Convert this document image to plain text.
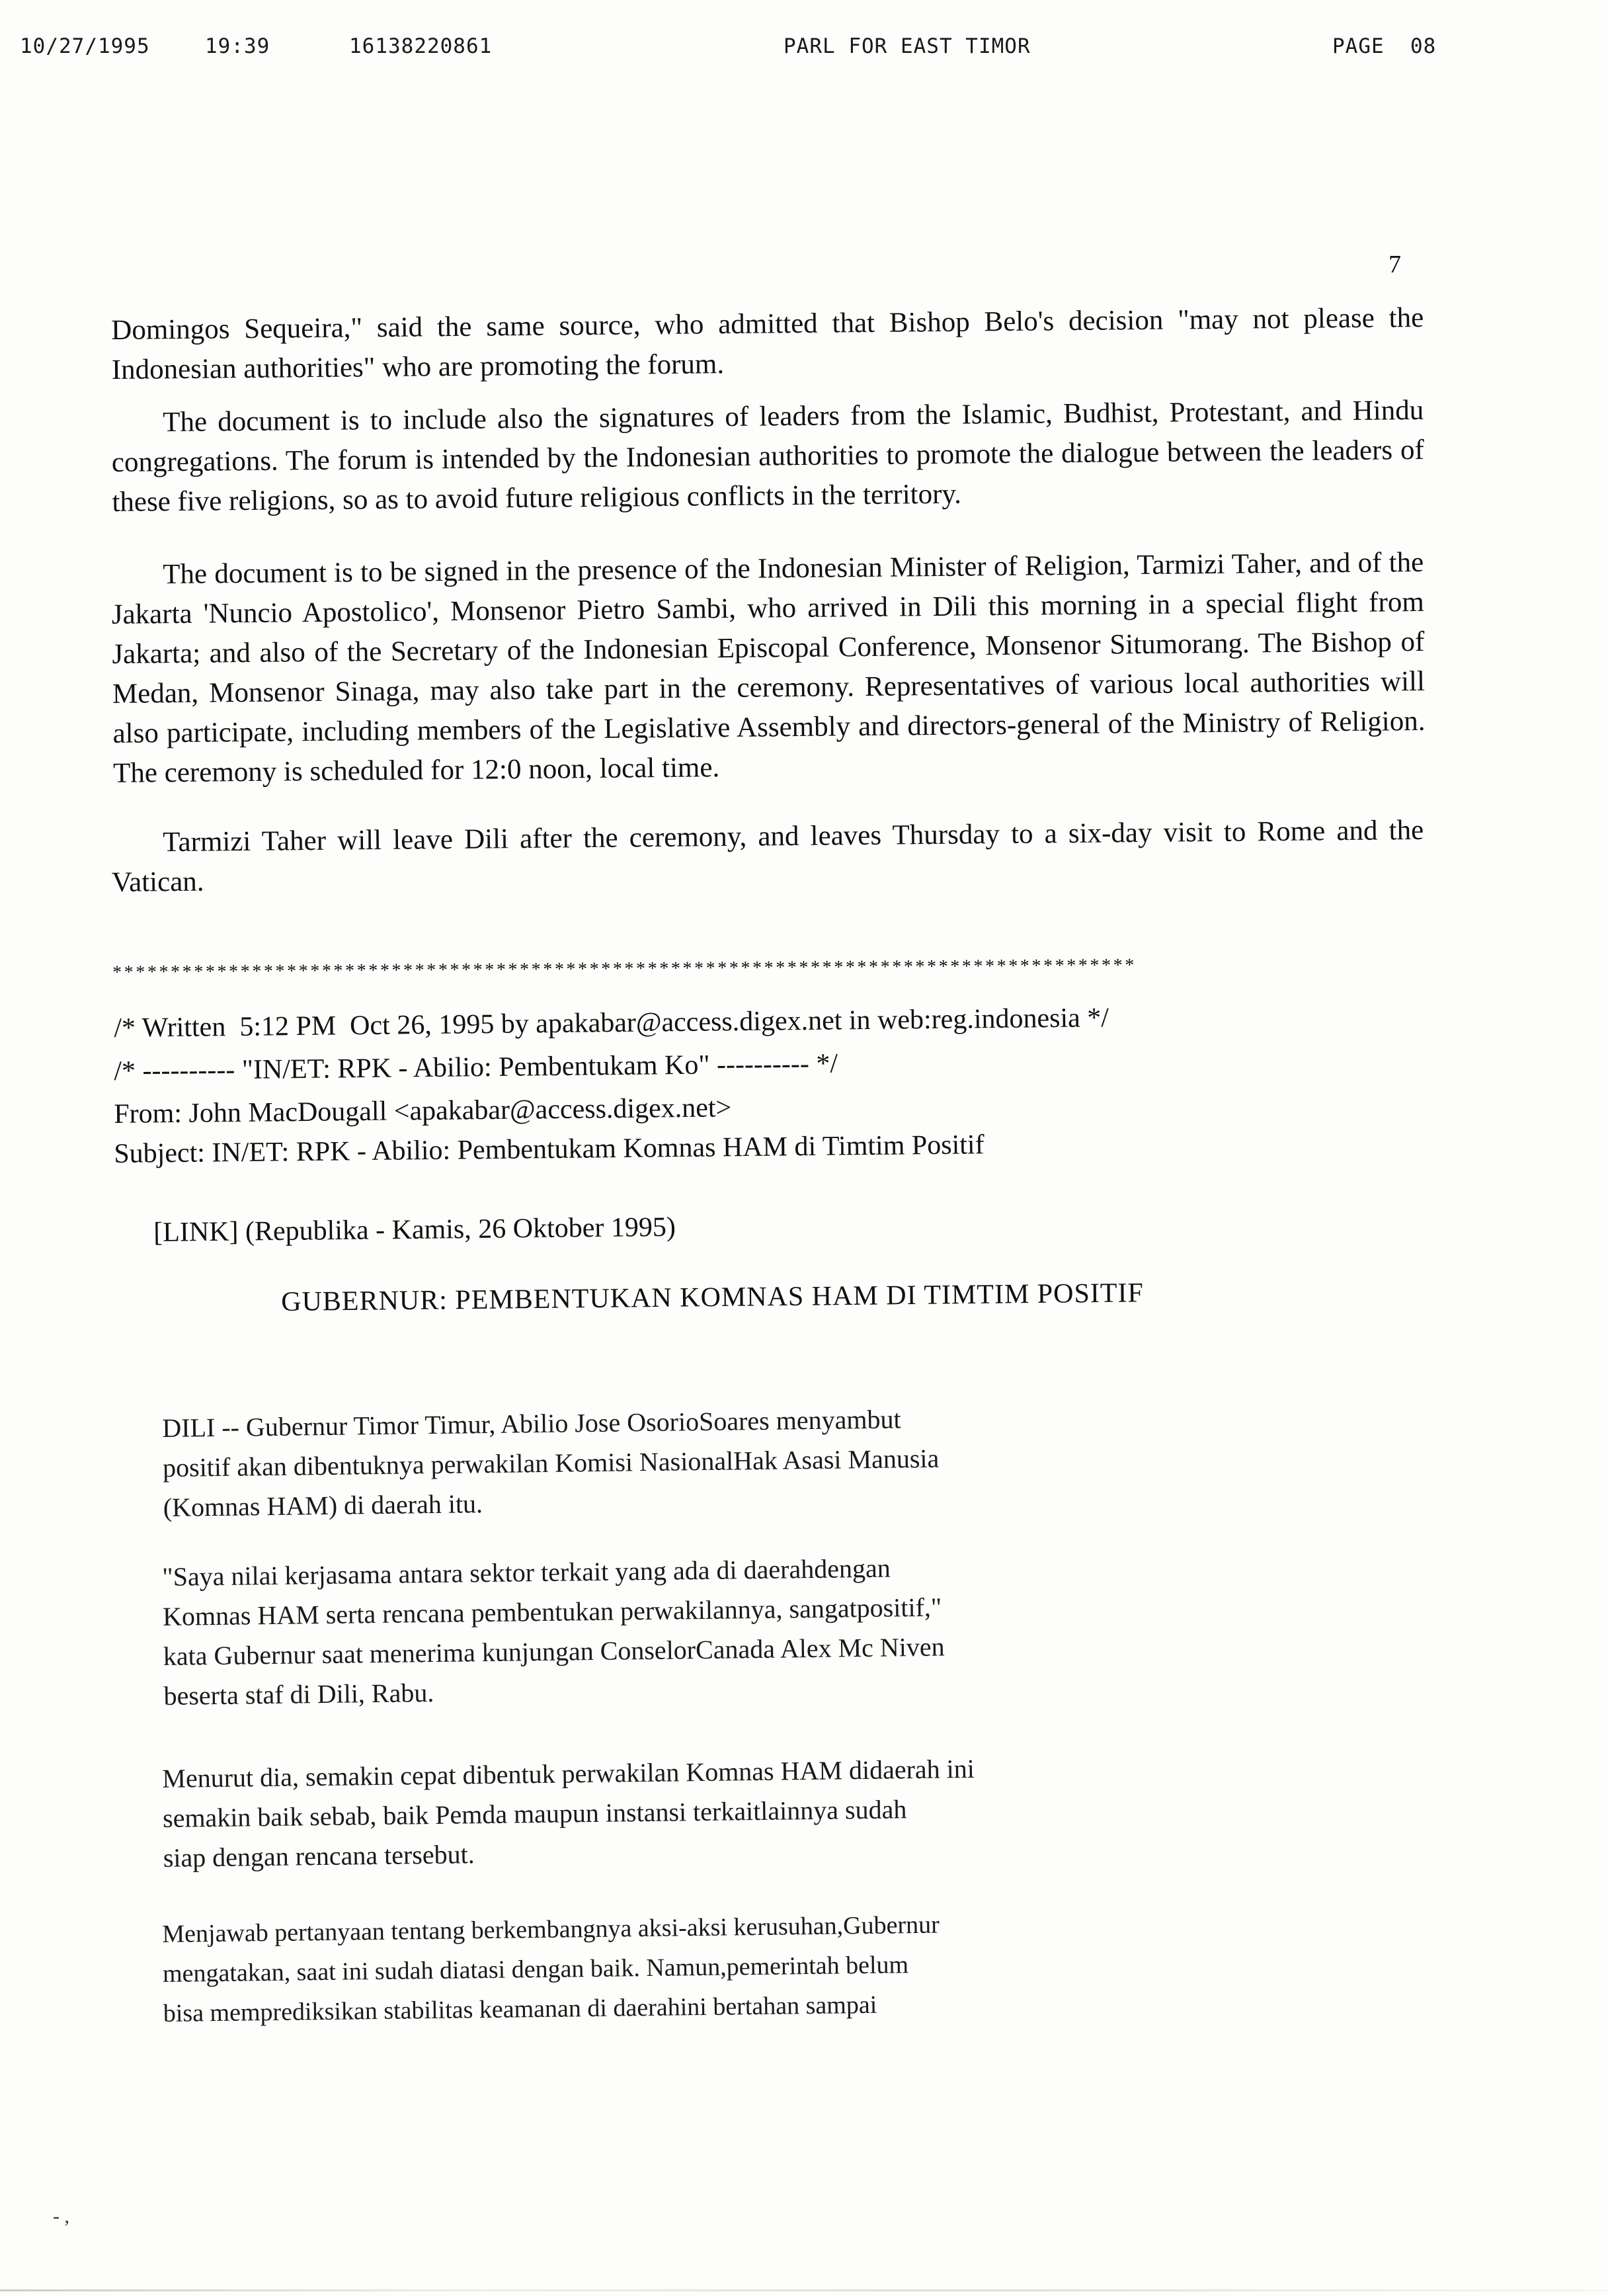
10/27/1995	19:39	16138220861	PARL FOR EAST TIMOR	PAGE  08
7
Domingos Sequeira," said the same source, who admitted that Bishop Belo's decision "may not please the Indonesian authorities" who are promoting the forum.
The document is to include also the signatures of leaders from the Islamic, Budhist, Protestant, and Hindu congregations. The forum is intended by the Indonesian authorities to promote the dialogue between the leaders of these five religions, so as to avoid future religious conflicts in the territory.
The document is to be signed in the presence of the Indonesian Minister of Religion, Tarmizi Taher, and of the Jakarta 'Nuncio Apostolico', Monsenor Pietro Sambi, who arrived in Dili this morning in a special flight from Jakarta; and also of the Secretary of the Indonesian Episcopal Conference, Monsenor Situmorang. The Bishop of Medan, Monsenor Sinaga, may also take part in the ceremony. Representatives of various local authorities will also participate, including members of the Legislative Assembly and directors-general of the Ministry of Religion. The ceremony is scheduled for 12:0 noon, local time.
Tarmizi Taher will leave Dili after the ceremony, and leaves Thursday to a six-day visit to Rome and the Vatican.
****************************************************************************************
/* Written  5:12 PM  Oct 26, 1995 by apakabar@access.digex.net in web:reg.indonesia */
/* ---------- "IN/ET: RPK - Abilio: Pembentukam Ko" ---------- */
From: John MacDougall <apakabar@access.digex.net>
Subject: IN/ET: RPK - Abilio: Pembentukam Komnas HAM di Timtim Positif
[LINK] (Republika - Kamis, 26 Oktober 1995)
GUBERNUR: PEMBENTUKAN KOMNAS HAM DI TIMTIM POSITIF
DILI -- Gubernur Timor Timur, Abilio Jose OsorioSoares menyambut
positif akan dibentuknya perwakilan Komisi NasionalHak Asasi Manusia
(Komnas HAM) di daerah itu.
"Saya nilai kerjasama antara sektor terkait yang ada di daerahdengan
Komnas HAM serta rencana pembentukan perwakilannya, sangatpositif,"
kata Gubernur saat menerima kunjungan ConselorCanada Alex Mc Niven
beserta staf di Dili, Rabu.
Menurut dia, semakin cepat dibentuk perwakilan Komnas HAM didaerah ini
semakin baik sebab, baik Pemda maupun instansi terkaitlainnya sudah
siap dengan rencana tersebut.
Menjawab pertanyaan tentang berkembangnya aksi-aksi kerusuhan,Gubernur
mengatakan, saat ini sudah diatasi dengan baik. Namun,pemerintah belum
bisa memprediksikan stabilitas keamanan di daerahini bertahan sampai
- ,
